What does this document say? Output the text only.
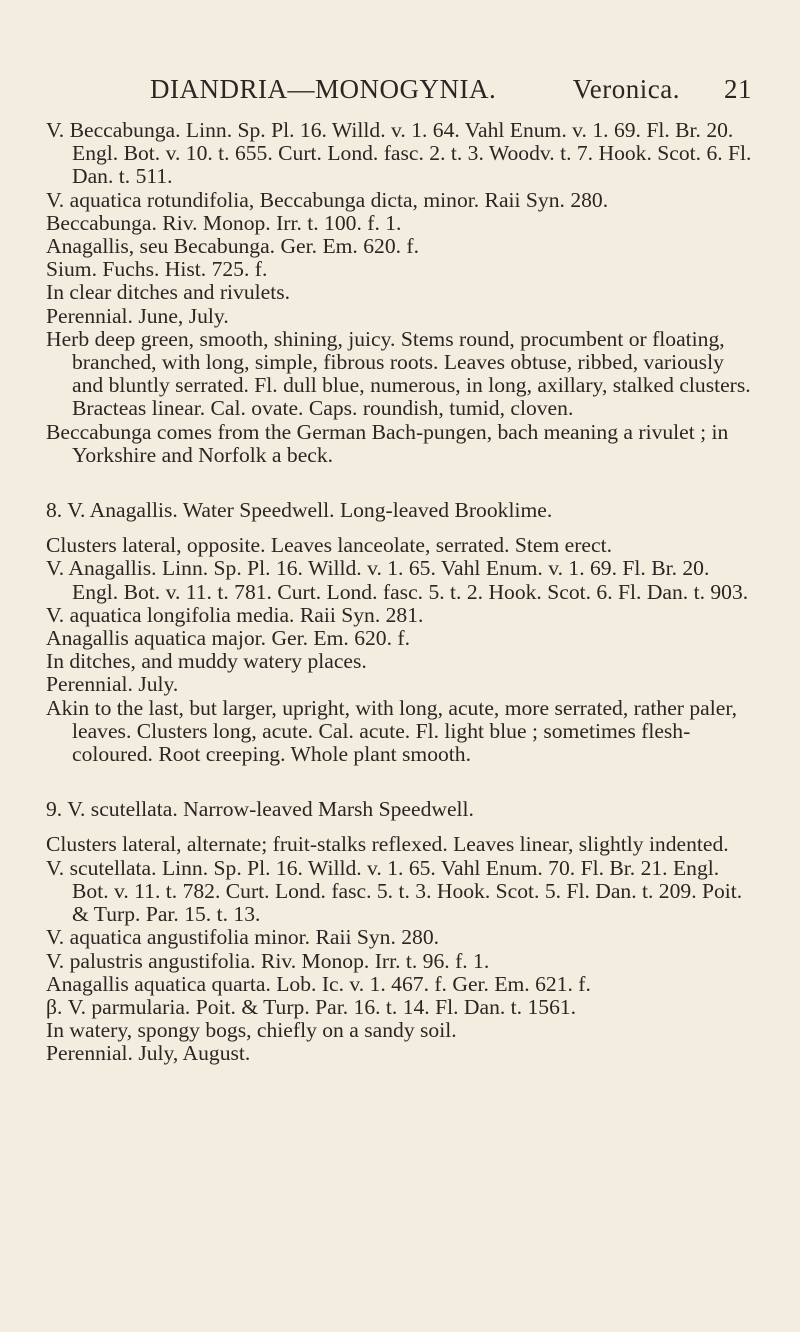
DIANDRIA—MONOGYNIA.	Veronica. 21

V. Beccabunga. Linn. Sp. Pl. 16. Willd. v. 1. 64. Vahl Enum. v. 1. 69. Fl. Br. 20. Engl. Bot. v. 10. t. 655. Curt. Lond. fasc. 2. t. 3. Woodv. t. 7. Hook. Scot. 6. Fl. Dan. t. 511.

V. aquatica rotundifolia, Beccabunga dicta, minor. Raii Syn. 280.

Beccabunga. Riv. Monop. Irr. t. 100. f. 1.

Anagallis, seu Becabunga. Ger. Em. 620. f.

Sium. Fuchs. Hist. 725. f.

In clear ditches and rivulets.

Perennial. June, July.

Herb deep green, smooth, shining, juicy. Stems round, procumbent or floating, branched, with long, simple, fibrous roots. Leaves obtuse, ribbed, variously and bluntly serrated. Fl. dull blue, numerous, in long, axillary, stalked clusters. Bracteas linear. Cal. ovate. Caps. roundish, tumid, cloven.

Beccabunga comes from the German Bach-pungen, bach meaning a rivulet ; in Yorkshire and Norfolk a beck.

8. V. Anagallis. Water Speedwell. Long-leaved Brooklime.

Clusters lateral, opposite. Leaves lanceolate, serrated. Stem erect.

V. Anagallis. Linn. Sp. Pl. 16. Willd. v. 1. 65. Vahl Enum. v. 1. 69. Fl. Br. 20. Engl. Bot. v. 11. t. 781. Curt. Lond. fasc. 5. t. 2. Hook. Scot. 6. Fl. Dan. t. 903.

V. aquatica longifolia media. Raii Syn. 281.

Anagallis aquatica major. Ger. Em. 620. f.

In ditches, and muddy watery places.

Perennial. July.

Akin to the last, but larger, upright, with long, acute, more serrated, rather paler, leaves. Clusters long, acute. Cal. acute. Fl. light blue ; sometimes flesh-coloured. Root creeping. Whole plant smooth.

9. V. scutellata. Narrow-leaved Marsh Speedwell.

Clusters lateral, alternate; fruit-stalks reflexed. Leaves linear, slightly indented.

V. scutellata. Linn. Sp. Pl. 16. Willd. v. 1. 65. Vahl Enum. 70. Fl. Br. 21. Engl. Bot. v. 11. t. 782. Curt. Lond. fasc. 5. t. 3. Hook. Scot. 5. Fl. Dan. t. 209. Poit. & Turp. Par. 15. t. 13.

V. aquatica angustifolia minor. Raii Syn. 280.

V. palustris angustifolia. Riv. Monop. Irr. t. 96. f. 1.

Anagallis aquatica quarta. Lob. Ic. v. 1. 467. f. Ger. Em. 621. f.

β. V. parmularia. Poit. & Turp. Par. 16. t. 14. Fl. Dan. t. 1561.

In watery, spongy bogs, chiefly on a sandy soil.

Perennial. July, August.
